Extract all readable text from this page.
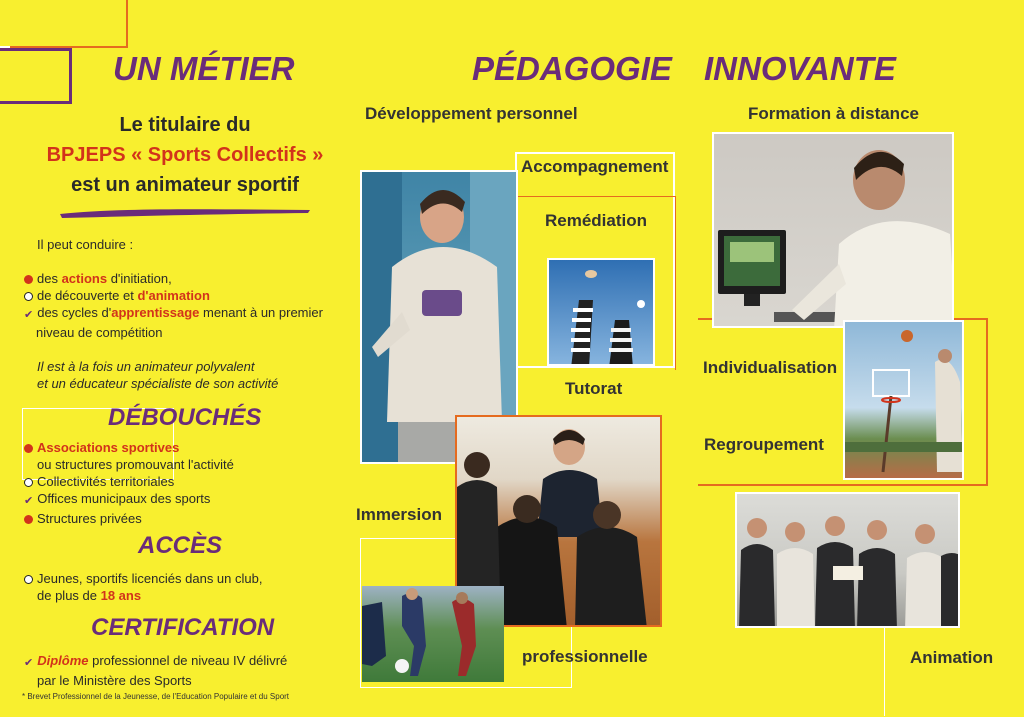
UN MÉTIER
Le titulaire du
BPJEPS « Sports Collectifs »
est un animateur sportif
Il peut conduire :
des actions d'initiation,
de découverte et d'animation
✔ des cycles d'apprentissage menant à un premier
niveau de compétition
Il est à la fois un animateur polyvalent
et un éducateur spécialiste de son activité
DÉBOUCHÉS
Associations sportives
ou structures promouvant l'activité
Collectivités territoriales
✔ Offices municipaux des sports
Structures privées
ACCÈS
Jeunes, sportifs licenciés dans un club,
de plus de 18 ans
CERTIFICATION
✔ Diplôme professionnel de niveau IV délivré
par le Ministère des Sports
* Brevet Professionnel de la Jeunesse, de l'Education Populaire et du Sport
PÉDAGOGIE INNOVANTE
Développement personnel	Formation à distance
Accompagnement
Remédiation
Tutorat
Individualisation
Regroupement
Immersion
professionnelle	Animation
